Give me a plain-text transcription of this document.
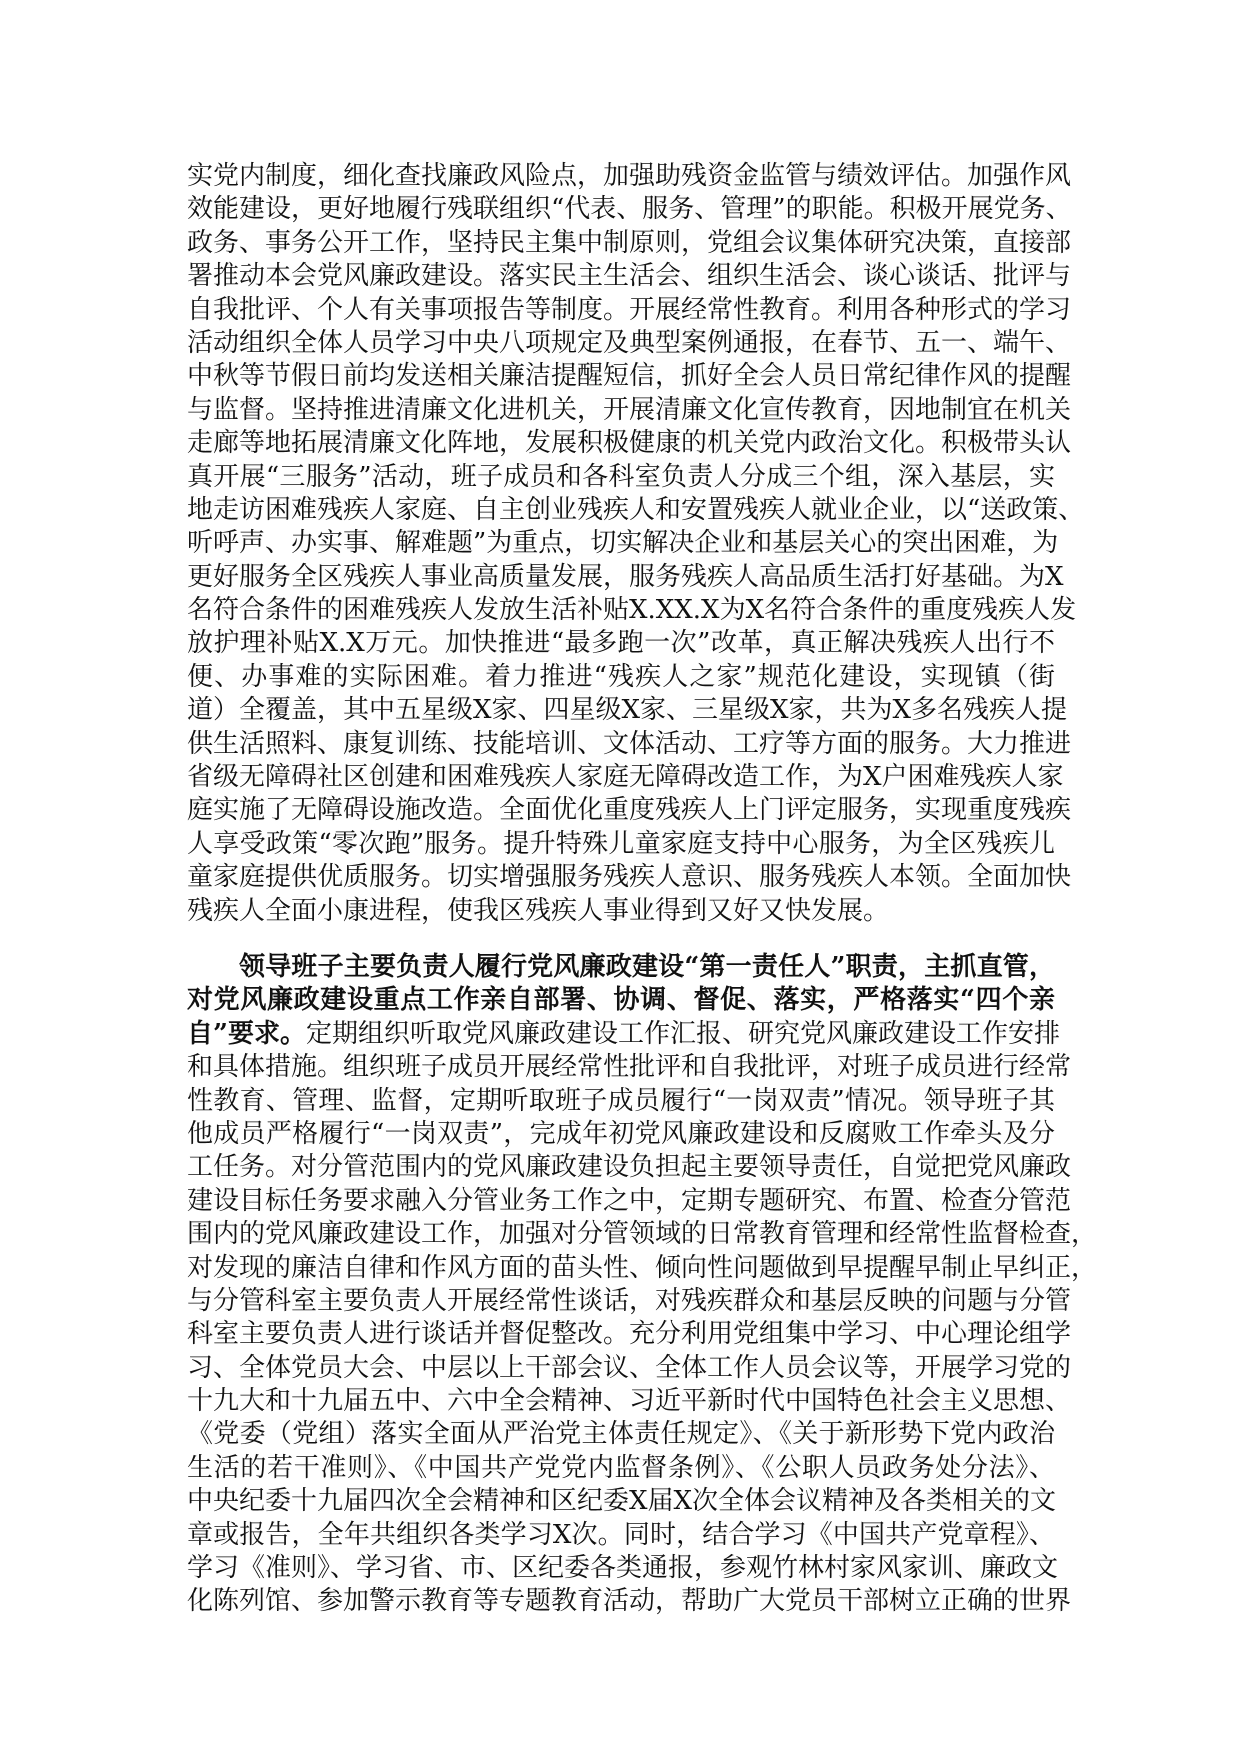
实党内制度，细化查找廉政风险点，加强助残资金监管与绩效评估。加强作风
效能建设，更好地履行残联组织“代表、服务、管理”的职能。积极开展党务、
政务、事务公开工作，坚持民主集中制原则，党组会议集体研究决策，直接部
署推动本会党风廉政建设。落实民主生活会、组织生活会、谈心谈话、批评与
自我批评、个人有关事项报告等制度。开展经常性教育。利用各种形式的学习
活动组织全体人员学习中央八项规定及典型案例通报，在春节、五一、端午、
中秋等节假日前均发送相关廉洁提醒短信，抓好全会人员日常纪律作风的提醒
与监督。坚持推进清廉文化进机关，开展清廉文化宣传教育，因地制宜在机关
走廊等地拓展清廉文化阵地，发展积极健康的机关党内政治文化。积极带头认
真开展“三服务”活动，班子成员和各科室负责人分成三个组，深入基层，实
地走访困难残疾人家庭、自主创业残疾人和安置残疾人就业企业，以“送政策、
听呼声、办实事、解难题”为重点，切实解决企业和基层关心的突出困难，为
更好服务全区残疾人事业高质量发展，服务残疾人高品质生活打好基础。为X
名符合条件的困难残疾人发放生活补贴X.XX.X为X名符合条件的重度残疾人发
放护理补贴X.X万元。加快推进“最多跑一次”改革，真正解决残疾人出行不
便、办事难的实际困难。着力推进“残疾人之家”规范化建设，实现镇（街
道）全覆盖，其中五星级X家、四星级X家、三星级X家，共为X多名残疾人提
供生活照料、康复训练、技能培训、文体活动、工疗等方面的服务。大力推进
省级无障碍社区创建和困难残疾人家庭无障碍改造工作，为X户困难残疾人家
庭实施了无障碍设施改造。全面优化重度残疾人上门评定服务，实现重度残疾
人享受政策“零次跑”服务。提升特殊儿童家庭支持中心服务，为全区残疾儿
童家庭提供优质服务。切实增强服务残疾人意识、服务残疾人本领。全面加快
残疾人全面小康进程，使我区残疾人事业得到又好又快发展。
领导班子主要负责人履行党风廉政建设“第一责任人”职责，主抓直管，
对党风廉政建设重点工作亲自部署、协调、督促、落实，严格落实“四个亲
自”要求。定期组织听取党风廉政建设工作汇报、研究党风廉政建设工作安排
和具体措施。组织班子成员开展经常性批评和自我批评，对班子成员进行经常
性教育、管理、监督，定期听取班子成员履行“一岗双责”情况。领导班子其
他成员严格履行“一岗双责”，完成年初党风廉政建设和反腐败工作牵头及分
工任务。对分管范围内的党风廉政建设负担起主要领导责任，自觉把党风廉政
建设目标任务要求融入分管业务工作之中，定期专题研究、布置、检查分管范
围内的党风廉政建设工作，加强对分管领域的日常教育管理和经常性监督检查，
对发现的廉洁自律和作风方面的苗头性、倾向性问题做到早提醒早制止早纠正，
与分管科室主要负责人开展经常性谈话，对残疾群众和基层反映的问题与分管
科室主要负责人进行谈话并督促整改。充分利用党组集中学习、中心理论组学
习、全体党员大会、中层以上干部会议、全体工作人员会议等，开展学习党的
十九大和十九届五中、六中全会精神、习近平新时代中国特色社会主义思想、
《党委（党组）落实全面从严治党主体责任规定》、《关于新形势下党内政治
生活的若干准则》、《中国共产党党内监督条例》、《公职人员政务处分法》、
中央纪委十九届四次全会精神和区纪委X届X次全体会议精神及各类相关的文
章或报告，全年共组织各类学习X次。同时，结合学习《中国共产党章程》、
学习《准则》、学习省、市、区纪委各类通报，参观竹林村家风家训、廉政文
化陈列馆、参加警示教育等专题教育活动，帮助广大党员干部树立正确的世界
